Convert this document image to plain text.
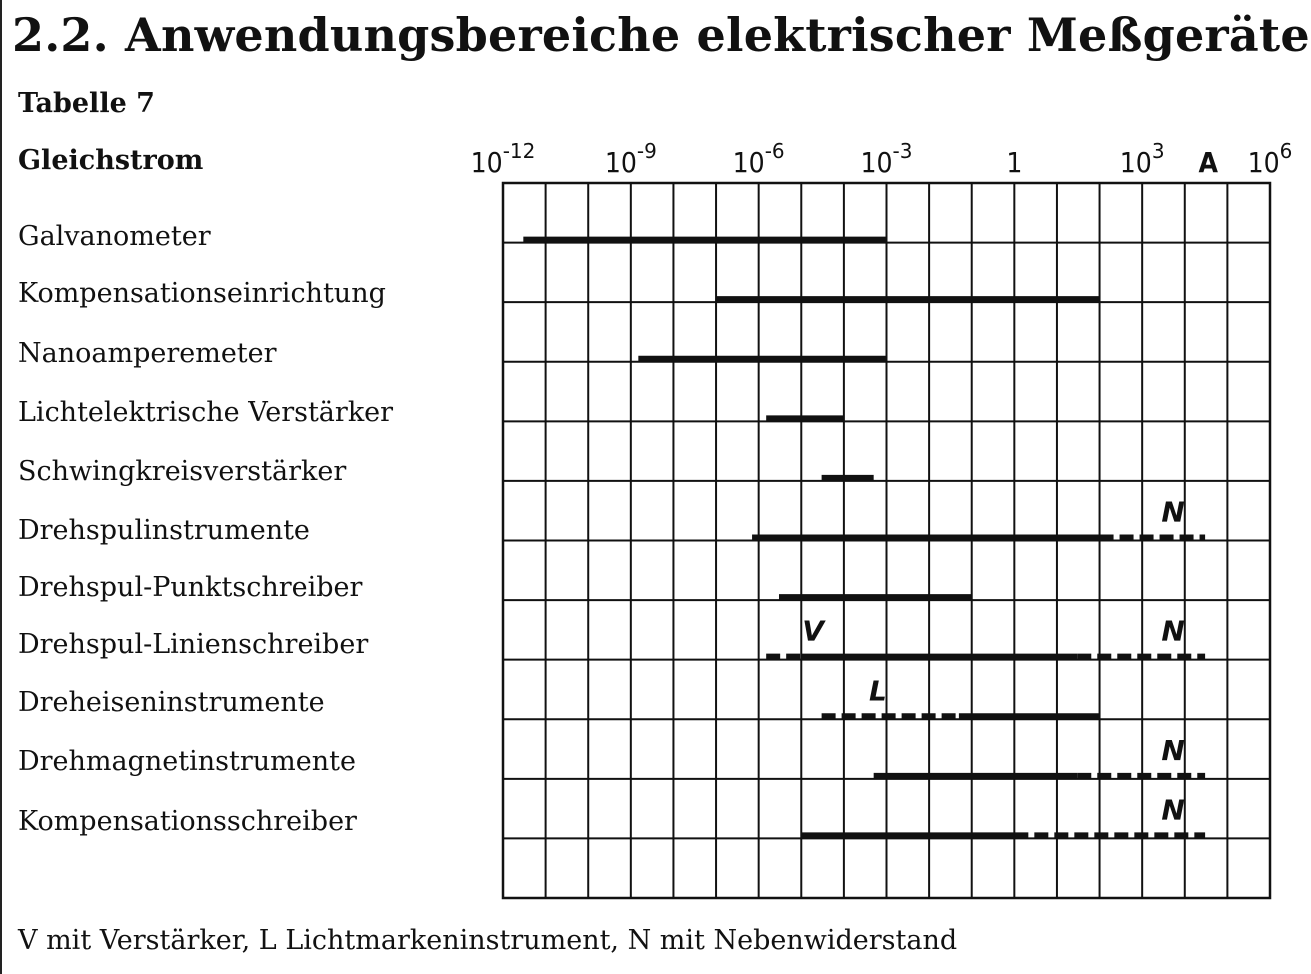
2.2. Anwendungsbereiche elektrischer Meßgeräte
Tabelle 7
Gleichstrom
Galvanometer
Kompensationseinrichtung
Nanoamperemeter
Lichtelektrische Verstärker
Schwingkreisverstärker
Drehspulinstrumente
Drehspul-Punktschreiber
Drehspul-Linienschreiber
Dreheiseninstrumente
Drehmagnetinstrumente
Kompensationsschreiber
$10^{-12}$ $10^{-9}$	$10^{-6}$	$10^{-3}$	1	$10^3$	$10^6$
A
N
V	N
L
N
N
V mit Verstärker, L Lichtmarkeninstrument, N mit Nebenwiderstand
